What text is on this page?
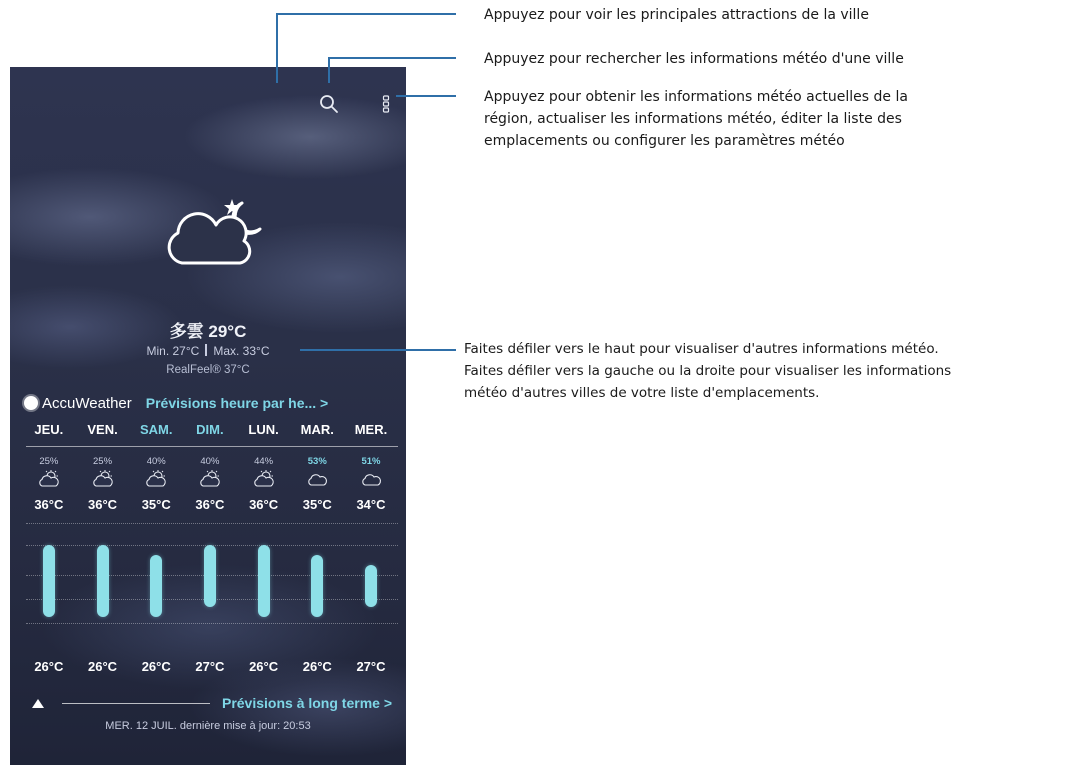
多雲 29°C
Min. 27°C Max. 33°C
RealFeel® 37°C
AccuWeather Prévisions heure par he... >
JEU.	VEN.	SAM.	DIM.	LUN.	MAR.	MER.
25%	25%	40%	40%	44%	53%	51%
36°C	36°C	35°C	36°C	36°C	35°C	34°C
26°C	26°C	26°C	27°C	26°C	26°C	27°C
Prévisions à long terme >
MER. 12 JUIL. dernière mise à jour: 20:53
Appuyez pour voir les principales attractions de la ville
Appuyez pour rechercher les informations météo d'une ville
Appuyez pour obtenir les informations météo actuelles de la
région, actualiser les informations météo, éditer la liste des
emplacements ou configurer les paramètres météo
Faites défiler vers le haut pour visualiser d'autres informations météo.
Faites défiler vers la gauche ou la droite pour visualiser les informations
météo d'autres villes de votre liste d'emplacements.
